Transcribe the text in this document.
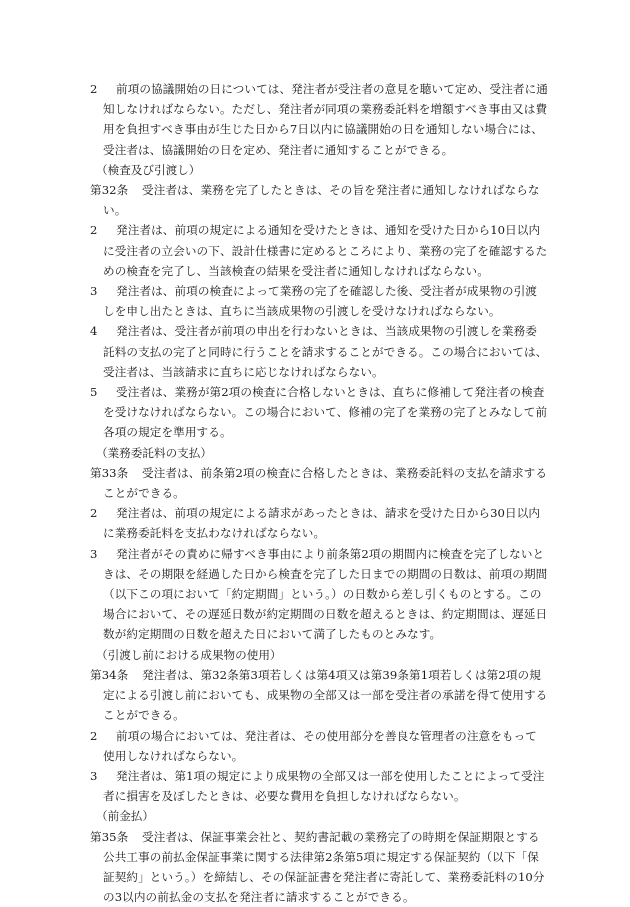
2 前項の協議開始の日については、発注者が受注者の意見を聴いて定め、受注者に通知しなければならない。ただし、発注者が同項の業務委託料を増額すべき事由又は費用を負担すべき事由が生じた日から7日以内に協議開始の日を通知しない場合には、受注者は、協議開始の日を定め、発注者に通知することができる。

（検査及び引渡し）

第32条 受注者は、業務を完了したときは、その旨を発注者に通知しなければならない。

2 発注者は、前項の規定による通知を受けたときは、通知を受けた日から10日以内に受注者の立会いの下、設計仕様書に定めるところにより、業務の完了を確認するための検査を完了し、当該検査の結果を受注者に通知しなければならない。

3 発注者は、前項の検査によって業務の完了を確認した後、受注者が成果物の引渡しを申し出たときは、直ちに当該成果物の引渡しを受けなければならない。

4 発注者は、受注者が前項の申出を行わないときは、当該成果物の引渡しを業務委託料の支払の完了と同時に行うことを請求することができる。この場合においては、受注者は、当該請求に直ちに応じなければならない。

5 受注者は、業務が第2項の検査に合格しないときは、直ちに修補して発注者の検査を受けなければならない。この場合において、修補の完了を業務の完了とみなして前各項の規定を準用する。

（業務委託料の支払）

第33条 受注者は、前条第2項の検査に合格したときは、業務委託料の支払を請求することができる。

2 発注者は、前項の規定による請求があったときは、請求を受けた日から30日以内に業務委託料を支払わなければならない。

3 発注者がその責めに帰すべき事由により前条第2項の期間内に検査を完了しないときは、その期限を経過した日から検査を完了した日までの期間の日数は、前項の期間（以下この項において「約定期間」という。）の日数から差し引くものとする。この場合において、その遅延日数が約定期間の日数を超えるときは、約定期間は、遅延日数が約定期間の日数を超えた日において満了したものとみなす。

（引渡し前における成果物の使用）

第34条 発注者は、第32条第3項若しくは第4項又は第39条第1項若しくは第2項の規定による引渡し前においても、成果物の全部又は一部を受注者の承諾を得て使用することができる。

2 前項の場合においては、発注者は、その使用部分を善良な管理者の注意をもって使用しなければならない。

3 発注者は、第1項の規定により成果物の全部又は一部を使用したことによって受注者に損害を及ぼしたときは、必要な費用を負担しなければならない。

（前金払）

第35条 受注者は、保証事業会社と、契約書記載の業務完了の時期を保証期限とする公共工事の前払金保証事業に関する法律第2条第5項に規定する保証契約（以下「保証契約」という。）を締結し、その保証証書を発注者に寄託して、業務委託料の10分の3以内の前払金の支払を発注者に請求することができる。
